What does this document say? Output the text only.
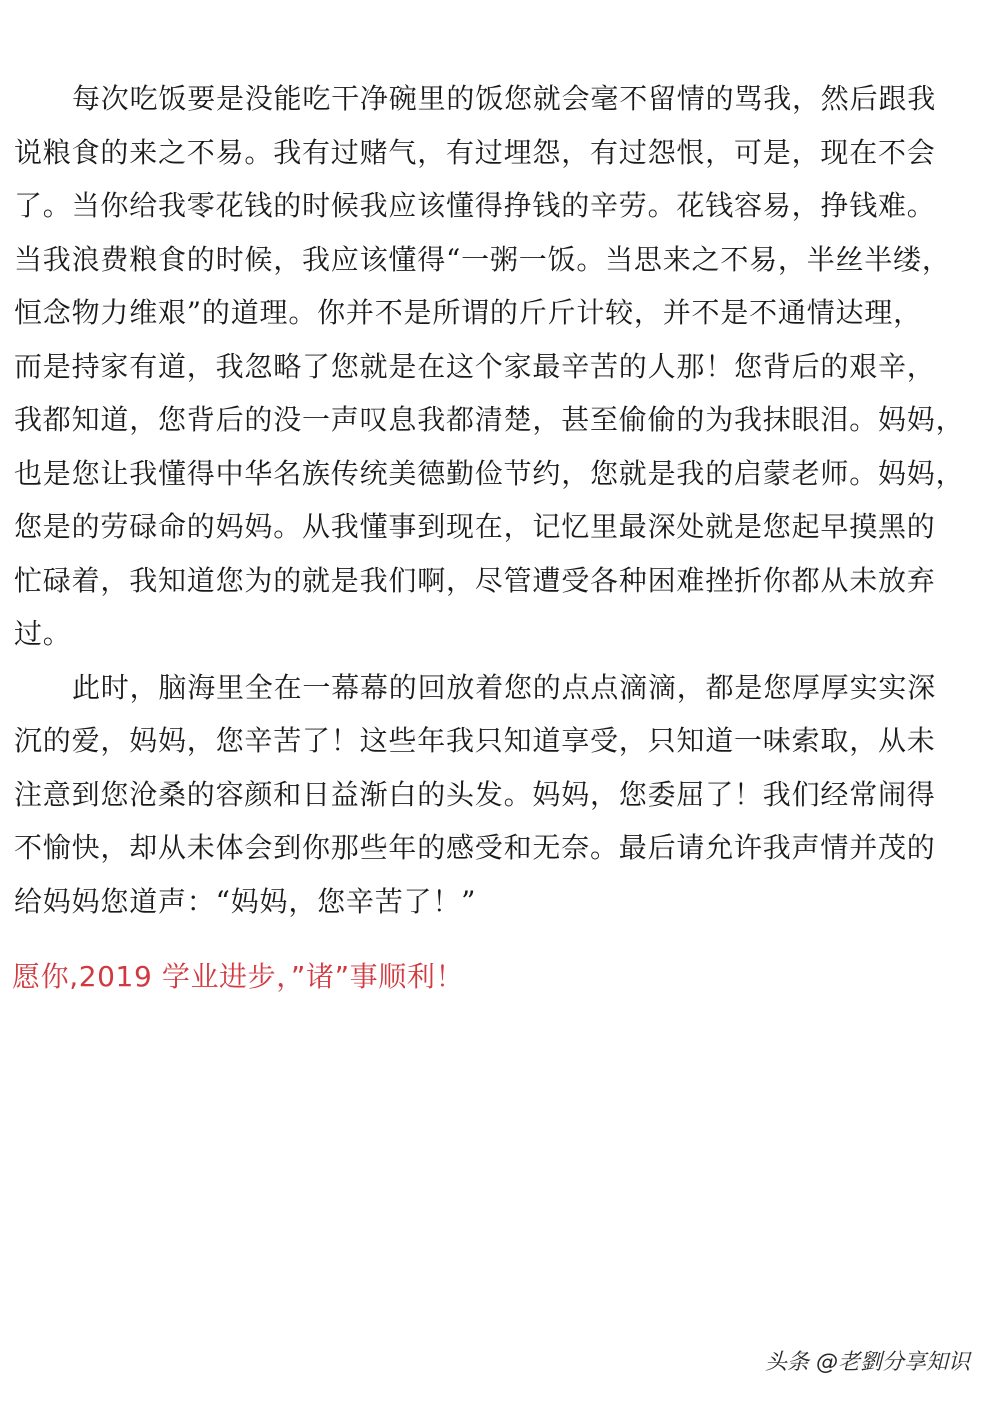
每次吃饭要是没能吃干净碗里的饭您就会毫不留情的骂我，然后跟我
说粮食的来之不易。我有过赌气，有过埋怨，有过怨恨，可是，现在不会
了。当你给我零花钱的时候我应该懂得挣钱的辛劳。花钱容易，挣钱难。
当我浪费粮食的时候，我应该懂得“一粥一饭。当思来之不易，半丝半缕，
恒念物力维艰”的道理。你并不是所谓的斤斤计较，并不是不通情达理，
而是持家有道，我忽略了您就是在这个家最辛苦的人那！您背后的艰辛，
我都知道，您背后的没一声叹息我都清楚，甚至偷偷的为我抹眼泪。妈妈，
也是您让我懂得中华名族传统美德勤俭节约，您就是我的启蒙老师。妈妈，
您是的劳碌命的妈妈。从我懂事到现在，记忆里最深处就是您起早摸黑的
忙碌着，我知道您为的就是我们啊，尽管遭受各种困难挫折你都从未放弃
过。
此时，脑海里全在一幕幕的回放着您的点点滴滴，都是您厚厚实实深
沉的爱，妈妈，您辛苦了！这些年我只知道享受，只知道一味索取，从未
注意到您沧桑的容颜和日益渐白的头发。妈妈，您委屈了！我们经常闹得
不愉快，却从未体会到你那些年的感受和无奈。最后请允许我声情并茂的
给妈妈您道声：“妈妈，您辛苦了！”
愿你,2019 学业进步，”诸”事顺利！
头条 @老劉分享知识
